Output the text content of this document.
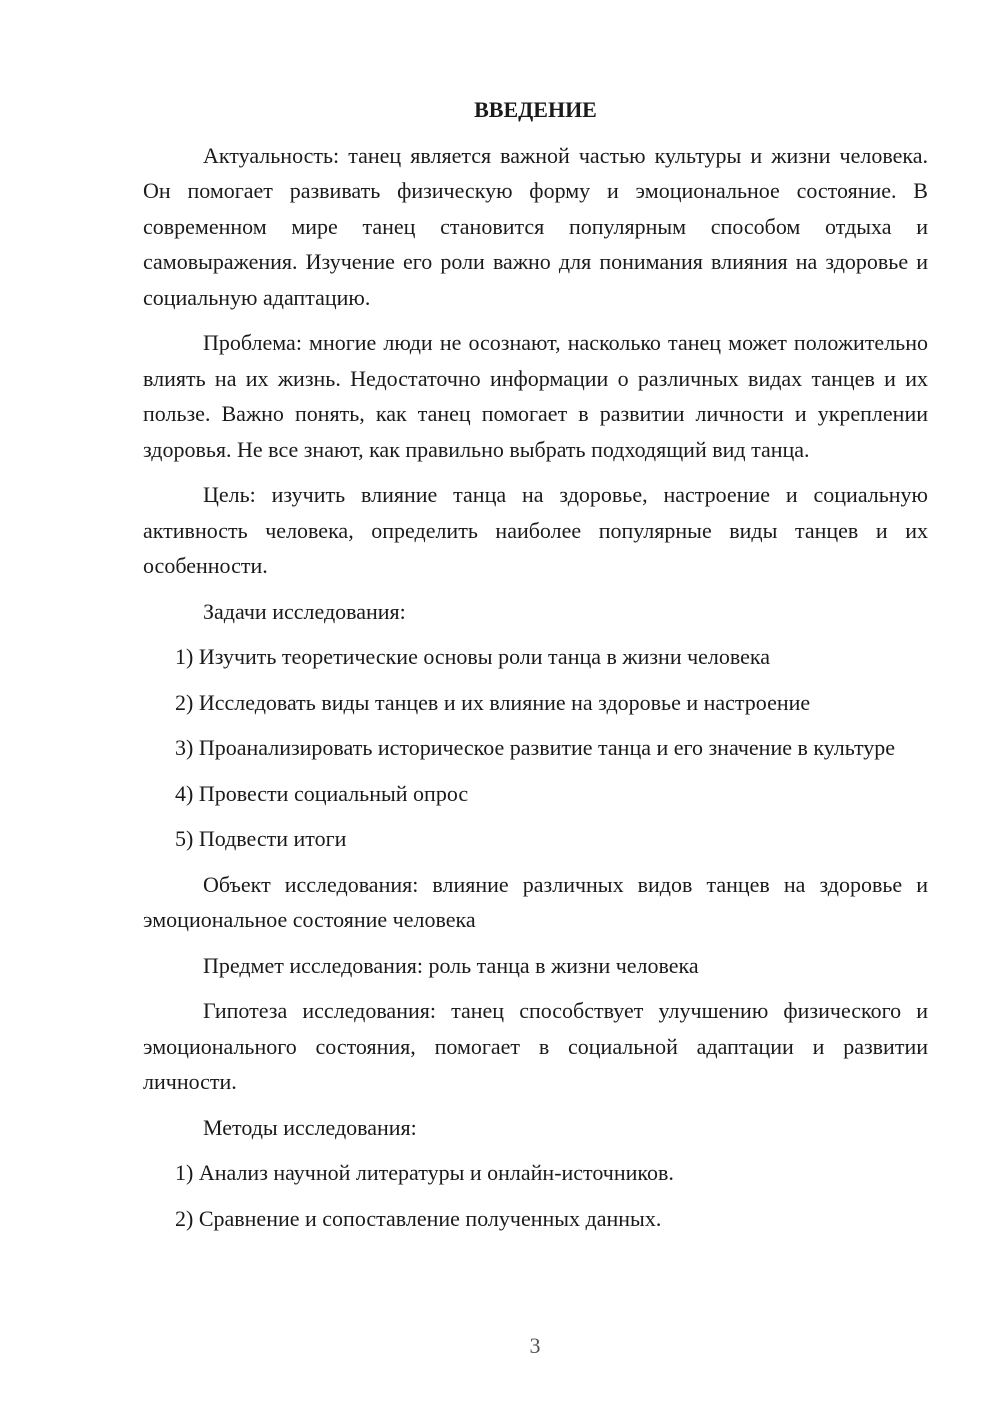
ВВЕДЕНИЕ

Актуальность: танец является важной частью культуры и жизни человека. Он помогает развивать физическую форму и эмоциональное состояние. В современном мире танец становится популярным способом отдыха и самовыражения. Изучение его роли важно для понимания влияния на здоровье и социальную адаптацию.

Проблема: многие люди не осознают, насколько танец может положительно влиять на их жизнь. Недостаточно информации о различных видах танцев и их пользе. Важно понять, как танец помогает в развитии личности и укреплении здоровья. Не все знают, как правильно выбрать подходящий вид танца.

Цель: изучить влияние танца на здоровье, настроение и социальную активность человека, определить наиболее популярные виды танцев и их особенности.

Задачи исследования:

1) Изучить теоретические основы роли танца в жизни человека

2) Исследовать виды танцев и их влияние на здоровье и настроение

3) Проанализировать историческое развитие танца и его значение в культуре

4) Провести социальный опрос

5) Подвести итоги

Объект исследования: влияние различных видов танцев на здоровье и эмоциональное состояние человека

Предмет исследования: роль танца в жизни человека

Гипотеза исследования: танец способствует улучшению физического и эмоционального состояния, помогает в социальной адаптации и развитии личности.

Методы исследования:

1) Анализ научной литературы и онлайн-источников.

2) Сравнение и сопоставление полученных данных.

3
